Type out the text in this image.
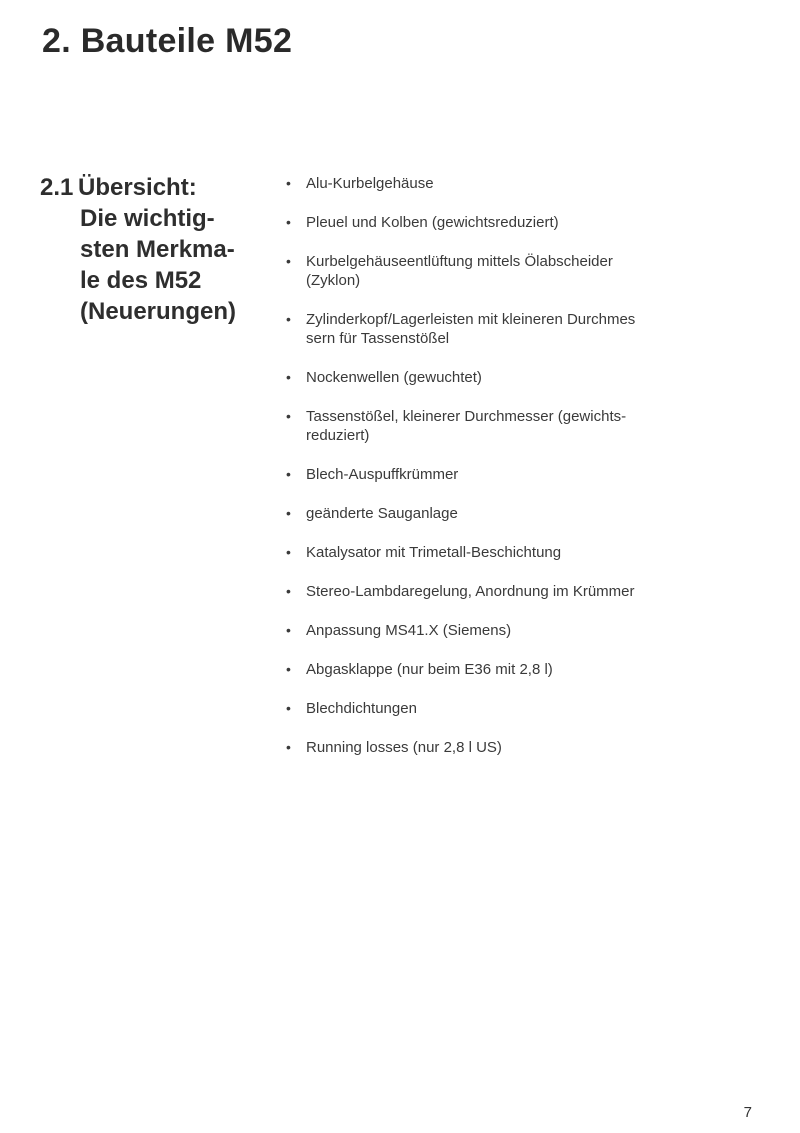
2. Bauteile M52
2.1 Übersicht:
Die wichtig-
sten Merkma-
le des M52
(Neuerungen)
• Alu-Kurbelgehäuse
• Pleuel und Kolben (gewichtsreduziert)
• Kurbelgehäuseentlüftung mittels Ölabscheider
(Zyklon)
• Zylinderkopf/Lagerleisten mit kleineren Durchmes
sern für Tassenstößel
• Nockenwellen (gewuchtet)
• Tassenstößel, kleinerer Durchmesser (gewichts-
reduziert)
• Blech-Auspuffkrümmer
• geänderte Sauganlage
• Katalysator mit Trimetall-Beschichtung
• Stereo-Lambdaregelung, Anordnung im Krümmer
• Anpassung MS41.X (Siemens)
• Abgasklappe (nur beim E36 mit 2,8 l)
• Blechdichtungen
• Running losses (nur 2,8 l US)
7
